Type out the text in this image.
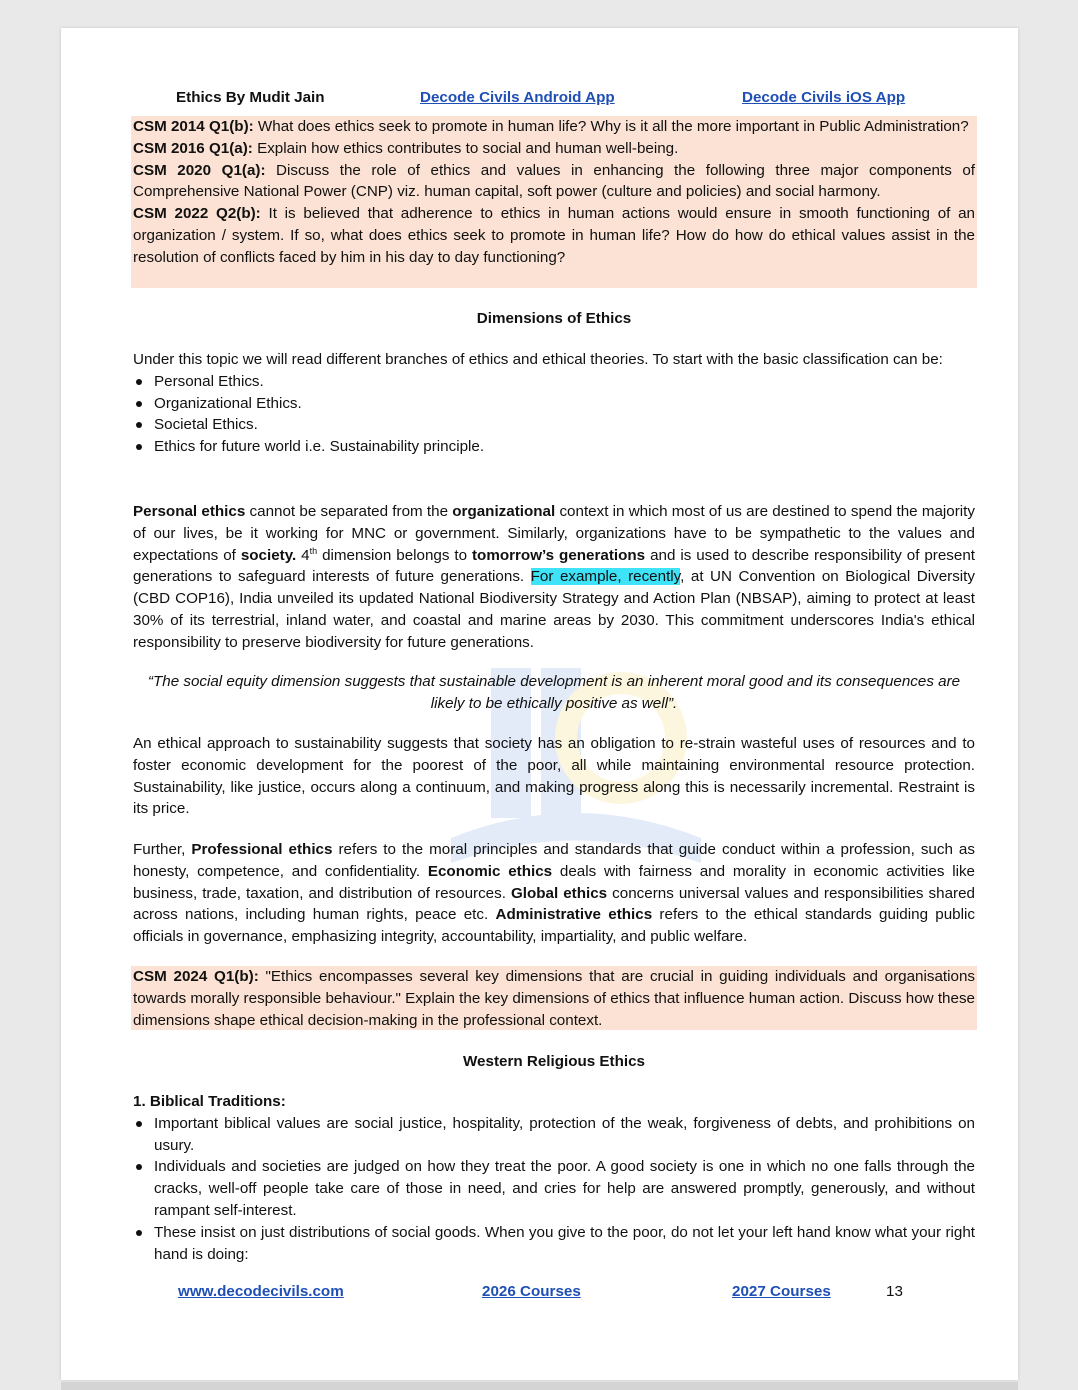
Ethics By Mudit Jain	Decode Civils Android App	Decode Civils iOS App

CSM 2014 Q1(b): What does ethics seek to promote in human life? Why is it all the more important in Public Administration?

CSM 2016 Q1(a): Explain how ethics contributes to social and human well-being.

CSM 2020 Q1(a): Discuss the role of ethics and values in enhancing the following three major components of Comprehensive National Power (CNP) viz. human capital, soft power (culture and policies) and social harmony.

CSM 2022 Q2(b): It is believed that adherence to ethics in human actions would ensure in smooth functioning of an organization / system. If so, what does ethics seek to promote in human life? How do how do ethical values assist in the resolution of conflicts faced by him in his day to day functioning?

Dimensions of Ethics

Under this topic we will read different branches of ethics and ethical theories. To start with the basic classification can be:

Personal Ethics.
Organizational Ethics.
Societal Ethics.
Ethics for future world i.e. Sustainability principle.

Personal ethics cannot be separated from the organizational context in which most of us are destined to spend the majority of our lives, be it working for MNC or government. Similarly, organizations have to be sympathetic to the values and expectations of society. 4th dimension belongs to tomorrow’s generations and is used to describe responsibility of present generations to safeguard interests of future generations. For example, recently, at UN Convention on Biological Diversity (CBD COP16), India unveiled its updated National Biodiversity Strategy and Action Plan (NBSAP), aiming to protect at least 30% of its terrestrial, inland water, and coastal and marine areas by 2030. This commitment underscores India's ethical responsibility to preserve biodiversity for future generations.

“The social equity dimension suggests that sustainable development is an inherent moral good and its consequences are likely to be ethically positive as well”.

An ethical approach to sustainability suggests that society has an obligation to re-strain wasteful uses of resources and to foster economic development for the poorest of the poor, all while maintaining environmental resource protection. Sustainability, like justice, occurs along a continuum, and making progress along this is necessarily incremental. Restraint is its price.

Further, Professional ethics refers to the moral principles and standards that guide conduct within a profession, such as honesty, competence, and confidentiality. Economic ethics deals with fairness and morality in economic activities like business, trade, taxation, and distribution of resources. Global ethics concerns universal values and responsibilities shared across nations, including human rights, peace etc. Administrative ethics refers to the ethical standards guiding public officials in governance, emphasizing integrity, accountability, impartiality, and public welfare.

CSM 2024 Q1(b): "Ethics encompasses several key dimensions that are crucial in guiding individuals and organisations towards morally responsible behaviour." Explain the key dimensions of ethics that influence human action. Discuss how these dimensions shape ethical decision-making in the professional context.

Western Religious Ethics

1. Biblical Traditions:

Important biblical values are social justice, hospitality, protection of the weak, forgiveness of debts, and prohibitions on usury.
Individuals and societies are judged on how they treat the poor. A good society is one in which no one falls through the cracks, well-off people take care of those in need, and cries for help are answered promptly, generously, and without rampant self-interest.
These insist on just distributions of social goods. When you give to the poor, do not let your left hand know what your right hand is doing:
www.decodecivils.com	2026 Courses	2027 Courses	13
